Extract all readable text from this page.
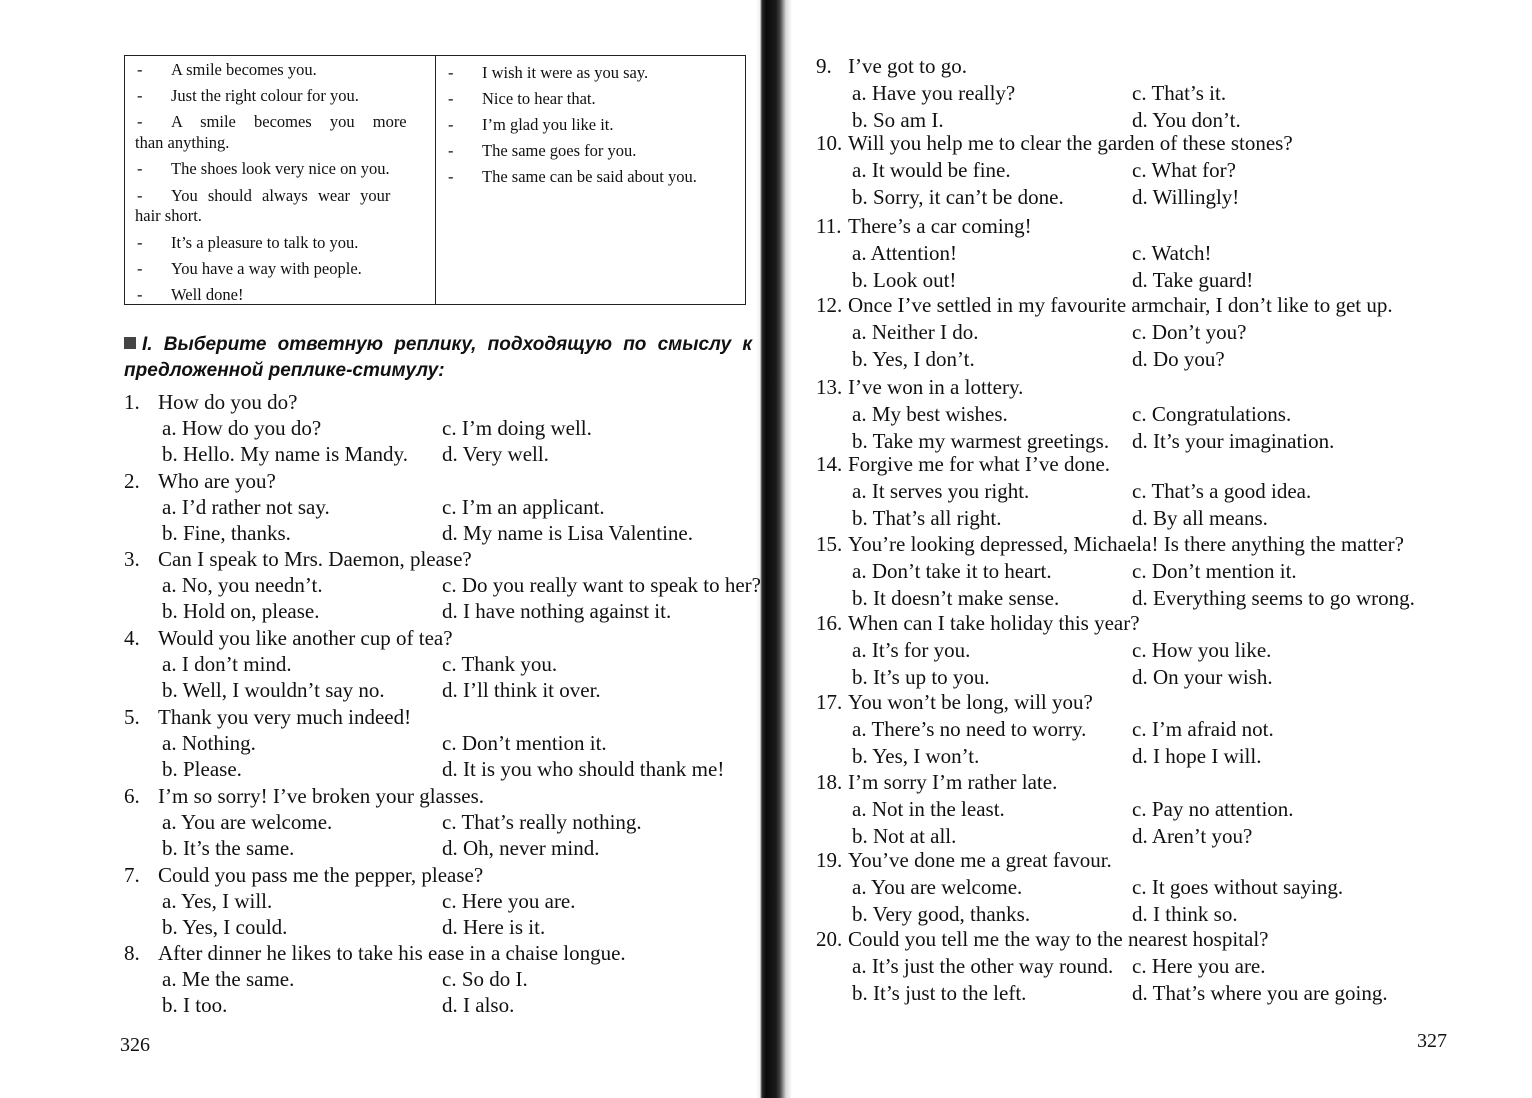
- A smile becomes you.
- Just the right colour for you.
- A smile becomes you more
than anything.
- The shoes look very nice on you.
- You should always wear your
hair short.
- It’s a pleasure to talk to you.
- You have a way with people.
- Well done!
- I wish it were as you say.
- Nice to hear that.
- I’m glad you like it.
- The same goes for you.
- The same can be said about you.
I. Выберите ответную реплику, подходящую по смыслу к
предложенной реплике-стимулу:
1. How do you do?
a. How do you do?	c. I’m doing well.
b. Hello. My name is Mandy. d. Very well.
2. Who are you?
a. I’d rather not say.	c. I’m an applicant.
b. Fine, thanks.	d. My name is Lisa Valentine.
3. Can I speak to Mrs. Daemon, please?
a. No, you needn’t.	c. Do you really want to speak to her?
b. Hold on, please.	d. I have nothing against it.
4. Would you like another cup of tea?
a. I don’t mind.	c. Thank you.
b. Well, I wouldn’t say no.	d. I’ll think it over.
5. Thank you very much indeed!
a. Nothing.	c. Don’t mention it.
b. Please.	d. It is you who should thank me!
6. I’m so sorry! I’ve broken your glasses.
a. You are welcome.	c. That’s really nothing.
b. It’s the same.	d. Oh, never mind.
7. Could you pass me the pepper, please?
a. Yes, I will.	c. Here you are.
b. Yes, I could.	d. Here is it.
8. After dinner he likes to take his ease in a chaise longue.
a. Me the same.	c. So do I.
b. I too.	d. I also.
326
9. I’ve got to go.
a. Have you really?	c. That’s it.
b. So am I.	d. You don’t.
10. Will you help me to clear the garden of these stones?
a. It would be fine.	c. What for?
b. Sorry, it can’t be done.	d. Willingly!
11. There’s a car coming!
a. Attention!	c. Watch!
b. Look out!	d. Take guard!
12. Once I’ve settled in my favourite armchair, I don’t like to get up.
a. Neither I do.	c. Don’t you?
b. Yes, I don’t.	d. Do you?
13. I’ve won in a lottery.
a. My best wishes.	c. Congratulations.
b. Take my warmest greetings. d. It’s your imagination.
14. Forgive me for what I’ve done.
a. It serves you right.	c. That’s a good idea.
b. That’s all right.	d. By all means.
15. You’re looking depressed, Michaela! Is there anything the matter?
a. Don’t take it to heart.	c. Don’t mention it.
b. It doesn’t make sense.	d. Everything seems to go wrong.
16. When can I take holiday this year?
a. It’s for you.	c. How you like.
b. It’s up to you.	d. On your wish.
17. You won’t be long, will you?
a. There’s no need to worry. c. I’m afraid not.
b. Yes, I won’t.	d. I hope I will.
18. I’m sorry I’m rather late.
a. Not in the least.	c. Pay no attention.
b. Not at all.	d. Aren’t you?
19. You’ve done me a great favour.
a. You are welcome.	c. It goes without saying.
b. Very good, thanks.	d. I think so.
20. Could you tell me the way to the nearest hospital?
a. It’s just the other way round. c. Here you are.
b. It’s just to the left.	d. That’s where you are going.
327
